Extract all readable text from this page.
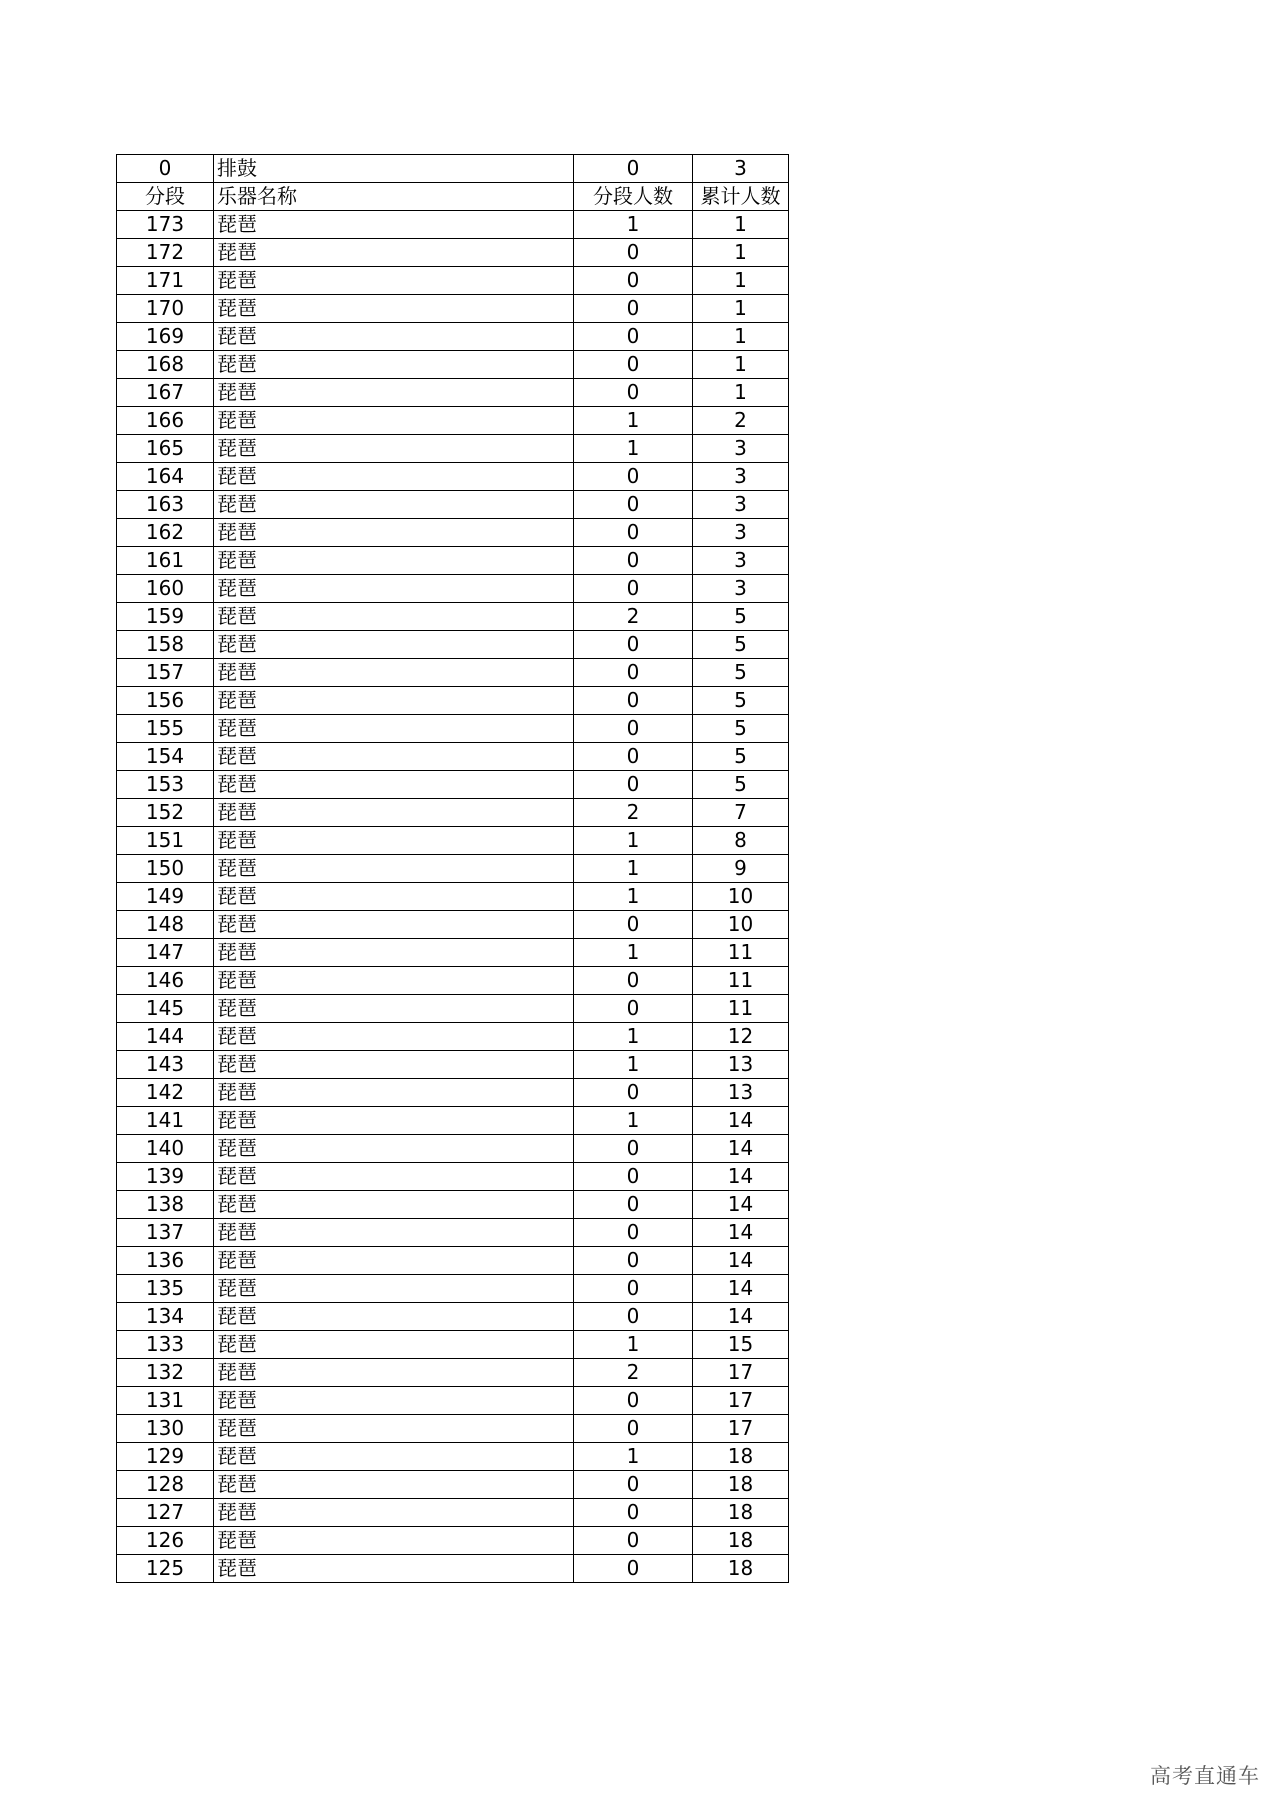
0	排鼓	0	3
分段	乐器名称	分段人数	累计人数
173	琵琶	1	1
172	琵琶	0	1
171	琵琶	0	1
170	琵琶	0	1
169	琵琶	0	1
168	琵琶	0	1
167	琵琶	0	1
166	琵琶	1	2
165	琵琶	1	3
164	琵琶	0	3
163	琵琶	0	3
162	琵琶	0	3
161	琵琶	0	3
160	琵琶	0	3
159	琵琶	2	5
158	琵琶	0	5
157	琵琶	0	5
156	琵琶	0	5
155	琵琶	0	5
154	琵琶	0	5
153	琵琶	0	5
152	琵琶	2	7
151	琵琶	1	8
150	琵琶	1	9
149	琵琶	1	10
148	琵琶	0	10
147	琵琶	1	11
146	琵琶	0	11
145	琵琶	0	11
144	琵琶	1	12
143	琵琶	1	13
142	琵琶	0	13
141	琵琶	1	14
140	琵琶	0	14
139	琵琶	0	14
138	琵琶	0	14
137	琵琶	0	14
136	琵琶	0	14
135	琵琶	0	14
134	琵琶	0	14
133	琵琶	1	15
132	琵琶	2	17
131	琵琶	0	17
130	琵琶	0	17
129	琵琶	1	18
128	琵琶	0	18
127	琵琶	0	18
126	琵琶	0	18
125	琵琶	0	18
高考直通车
